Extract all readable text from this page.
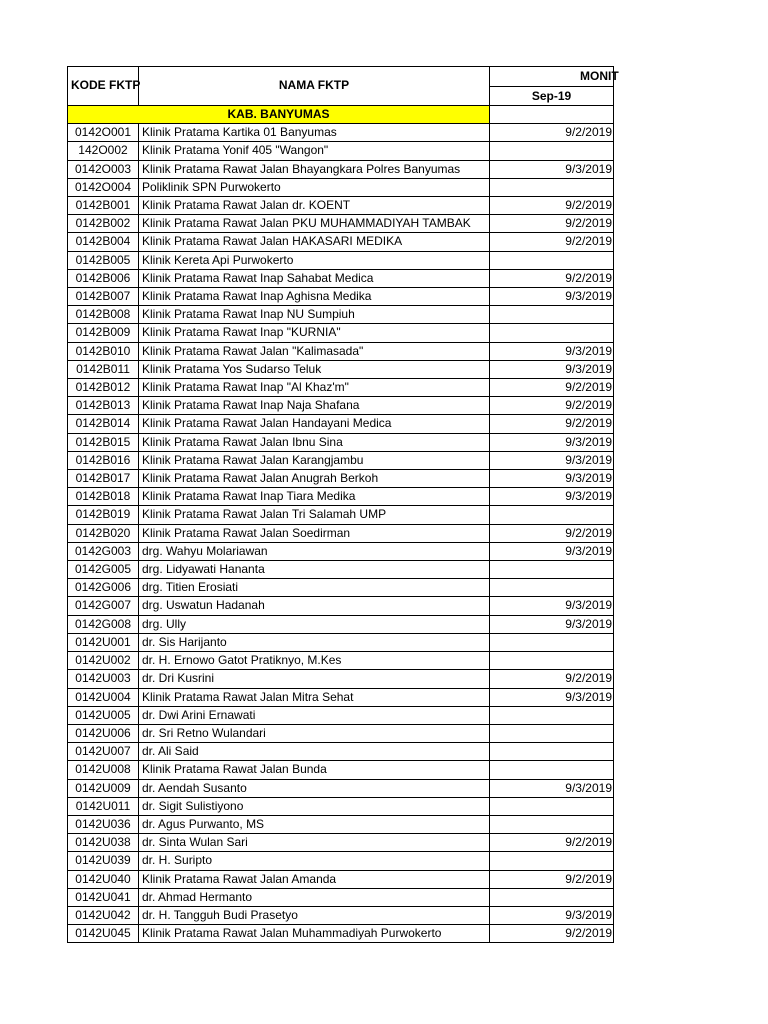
KODE FKTP	NAMA FKTP	MONIT
		Sep-19
KAB. BANYUMAS		
0142O001	Klinik Pratama Kartika 01 Banyumas	9/2/2019
142O002	Klinik Pratama Yonif 405 "Wangon"	
0142O003	Klinik Pratama Rawat Jalan Bhayangkara Polres Banyumas	9/3/2019
0142O004	Poliklinik SPN Purwokerto	
0142B001	Klinik Pratama Rawat Jalan dr. KOENT	9/2/2019
0142B002	Klinik Pratama Rawat Jalan PKU MUHAMMADIYAH TAMBAK	9/2/2019
0142B004	Klinik Pratama Rawat Jalan HAKASARI MEDIKA	9/2/2019
0142B005	Klinik Kereta Api Purwokerto	
0142B006	Klinik Pratama Rawat Inap Sahabat Medica	9/2/2019
0142B007	Klinik Pratama Rawat Inap Aghisna Medika	9/3/2019
0142B008	Klinik Pratama Rawat Inap NU Sumpiuh	
0142B009	Klinik Pratama Rawat Inap "KURNIA"	
0142B010	Klinik Pratama Rawat Jalan "Kalimasada"	9/3/2019
0142B011	Klinik Pratama Yos Sudarso Teluk	9/3/2019
0142B012	Klinik Pratama Rawat Inap "Al Khaz'm"	9/2/2019
0142B013	Klinik Pratama Rawat Inap Naja Shafana	9/2/2019
0142B014	Klinik Pratama Rawat Jalan Handayani Medica	9/2/2019
0142B015	Klinik Pratama Rawat Jalan Ibnu Sina	9/3/2019
0142B016	Klinik Pratama Rawat Jalan Karangjambu	9/3/2019
0142B017	Klinik Pratama Rawat Jalan Anugrah Berkoh	9/3/2019
0142B018	Klinik Pratama Rawat Inap Tiara Medika	9/3/2019
0142B019	Klinik Pratama Rawat Jalan Tri Salamah UMP	
0142B020	Klinik Pratama Rawat Jalan Soedirman	9/2/2019
0142G003	drg. Wahyu Molariawan	9/3/2019
0142G005	drg. Lidyawati Hananta	
0142G006	drg. Titien Erosiati	
0142G007	drg. Uswatun Hadanah	9/3/2019
0142G008	drg. Ully	9/3/2019
0142U001	dr. Sis Harijanto	
0142U002	dr. H. Ernowo Gatot Pratiknyo, M.Kes	
0142U003	dr. Dri Kusrini	9/2/2019
0142U004	Klinik Pratama Rawat Jalan Mitra Sehat	9/3/2019
0142U005	dr. Dwi Arini Ernawati	
0142U006	dr. Sri Retno Wulandari	
0142U007	dr. Ali Said	
0142U008	Klinik Pratama Rawat Jalan Bunda	
0142U009	dr. Aendah Susanto	9/3/2019
0142U011	dr. Sigit Sulistiyono	
0142U036	dr. Agus Purwanto, MS	
0142U038	dr. Sinta Wulan Sari	9/2/2019
0142U039	dr. H. Suripto	
0142U040	Klinik Pratama Rawat Jalan Amanda	9/2/2019
0142U041	dr. Ahmad Hermanto	
0142U042	dr. H. Tangguh Budi Prasetyo	9/3/2019
0142U045	Klinik Pratama Rawat Jalan Muhammadiyah Purwokerto	9/2/2019
